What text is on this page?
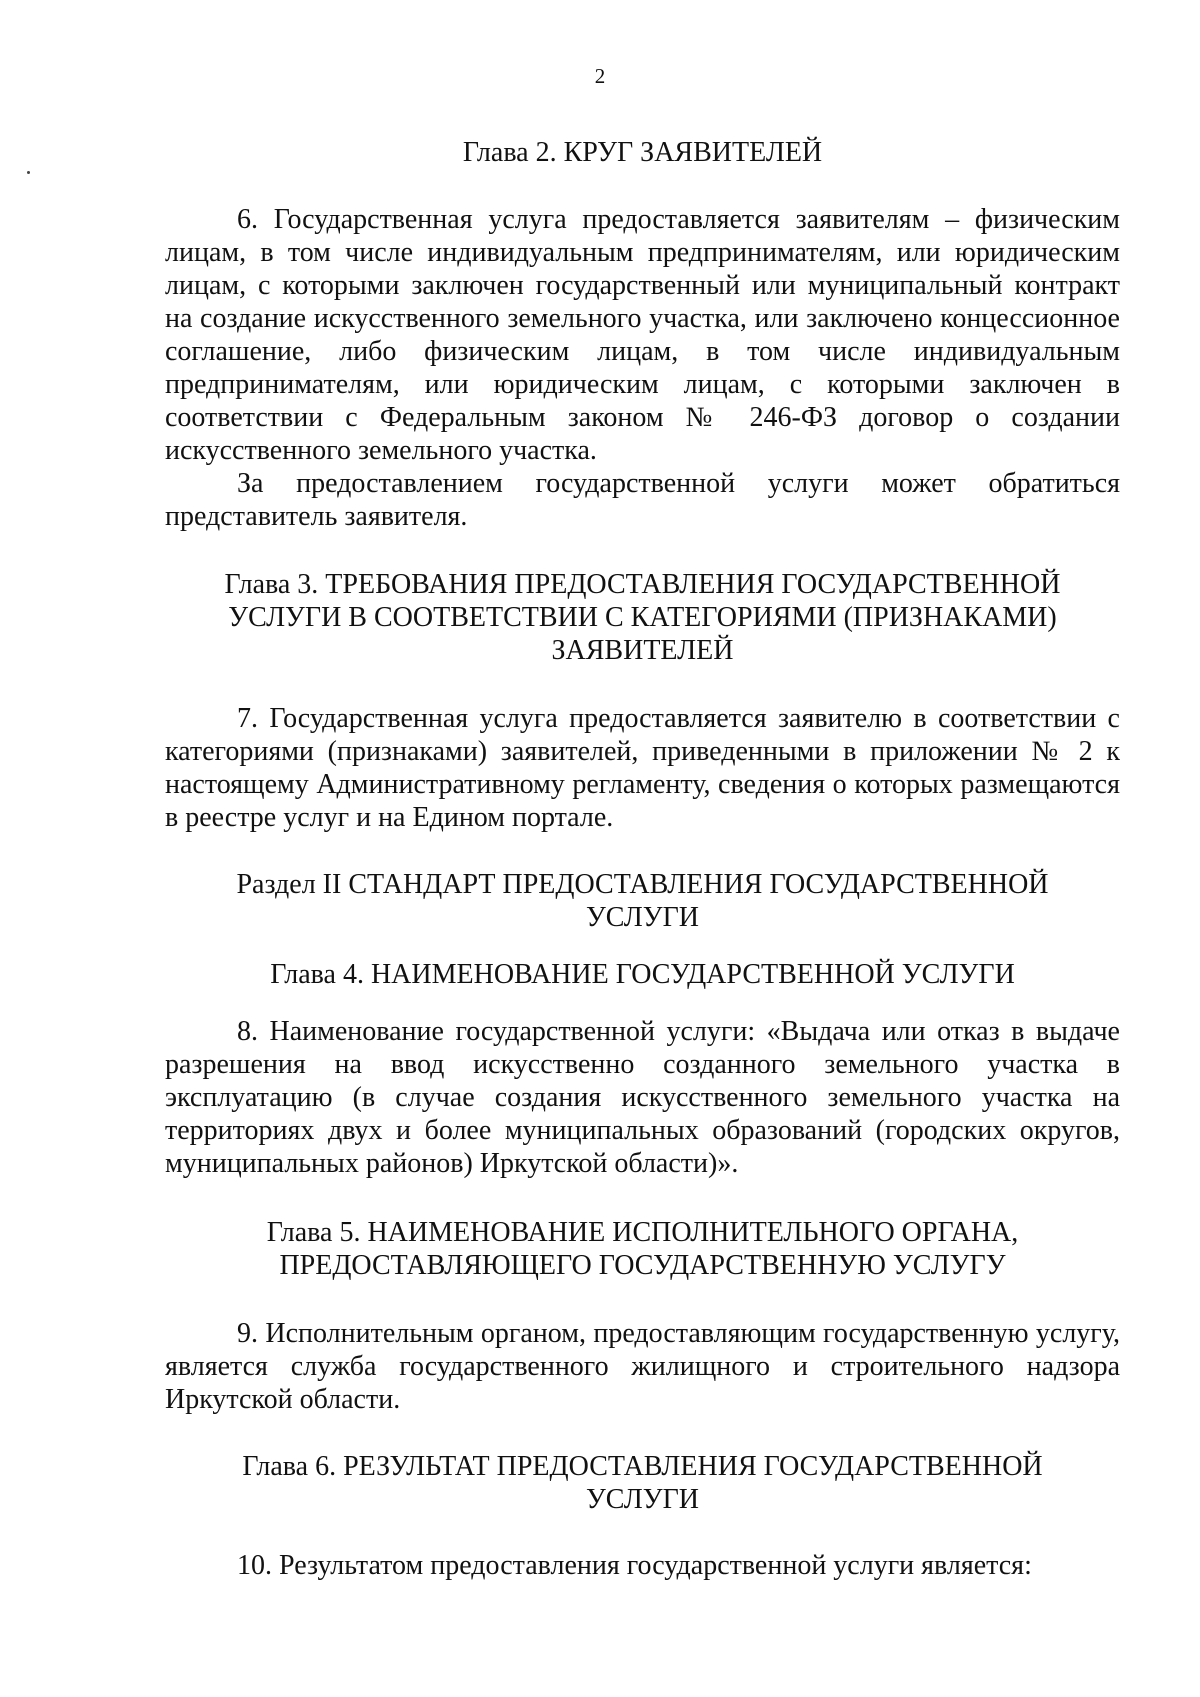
2
Глава 2. КРУГ ЗАЯВИТЕЛЕЙ

6. Государственная услуга предоставляется заявителям – физическим лицам, в том числе индивидуальным предпринимателям, или юридическим лицам, с которыми заключен государственный или муниципальный контракт на создание искусственного земельного участка, или заключено концессионное соглашение, либо физическим лицам, в том числе индивидуальным предпринимателям, или юридическим лицам, с которыми заключен в соответствии с Федеральным законом № 246-ФЗ договор о создании искусственного земельного участка.

За предоставлением государственной услуги может обратиться представитель заявителя.

Глава 3. ТРЕБОВАНИЯ ПРЕДОСТАВЛЕНИЯ ГОСУДАРСТВЕННОЙ УСЛУГИ В СООТВЕТСТВИИ С КАТЕГОРИЯМИ (ПРИЗНАКАМИ) ЗАЯВИТЕЛЕЙ

7. Государственная услуга предоставляется заявителю в соответствии с категориями (признаками) заявителей, приведенными в приложении № 2 к настоящему Административному регламенту, сведения о которых размещаются в реестре услуг и на Едином портале.

Раздел II СТАНДАРТ ПРЕДОСТАВЛЕНИЯ ГОСУДАРСТВЕННОЙ УСЛУГИ
Глава 4. НАИМЕНОВАНИЕ ГОСУДАРСТВЕННОЙ УСЛУГИ

8. Наименование государственной услуги: «Выдача или отказ в выдаче разрешения на ввод искусственно созданного земельного участка в эксплуатацию (в случае создания искусственного земельного участка на территориях двух и более муниципальных образований (городских округов, муниципальных районов) Иркутской области)».

Глава 5. НАИМЕНОВАНИЕ ИСПОЛНИТЕЛЬНОГО ОРГАНА, ПРЕДОСТАВЛЯЮЩЕГО ГОСУДАРСТВЕННУЮ УСЛУГУ

9. Исполнительным органом, предоставляющим государственную услугу, является служба государственного жилищного и строительного надзора Иркутской области.

Глава 6. РЕЗУЛЬТАТ ПРЕДОСТАВЛЕНИЯ ГОСУДАРСТВЕННОЙ УСЛУГИ

10. Результатом предоставления государственной услуги является:
